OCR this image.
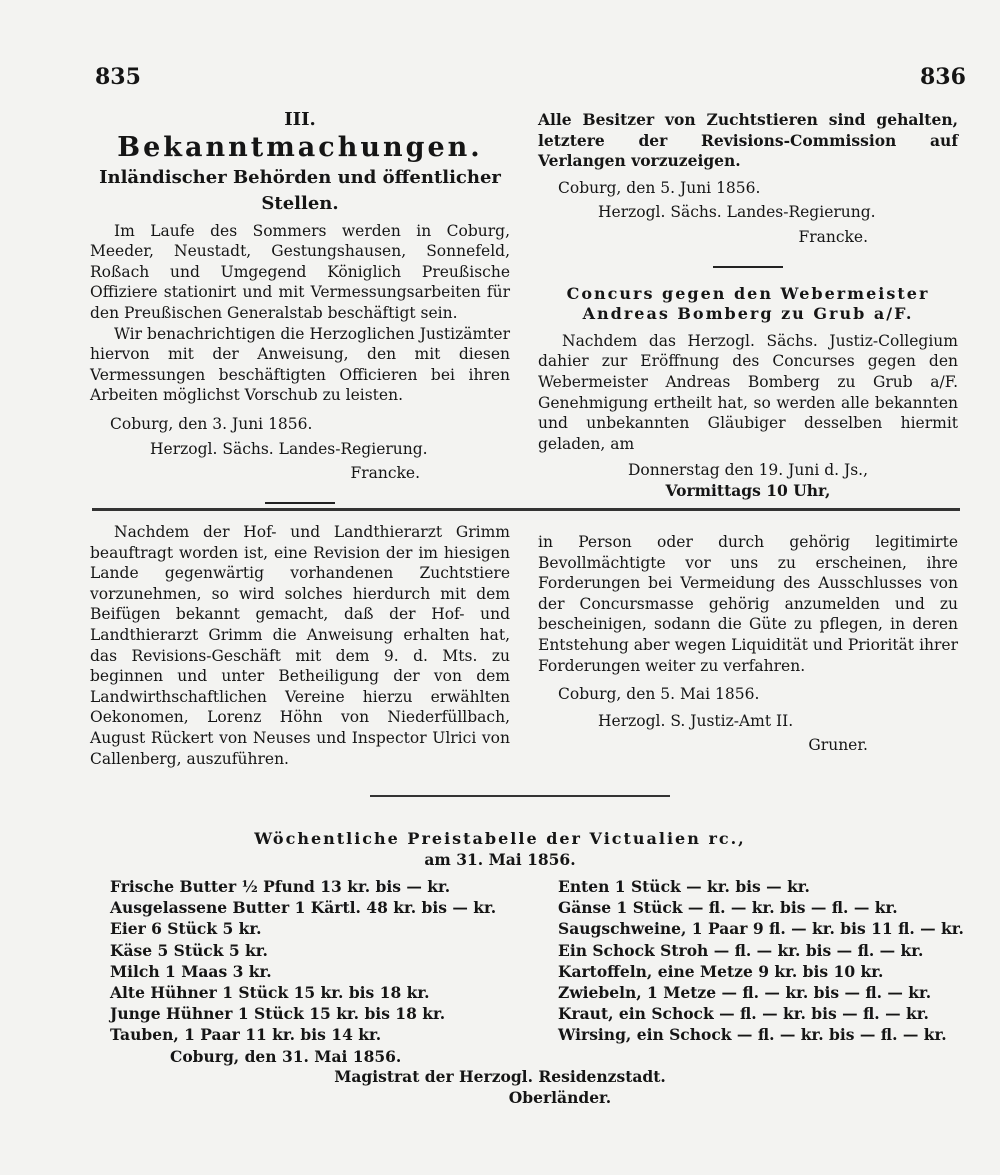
835	836

III.

Bekanntmachungen.

Inländischer Behörden und öffentlicher Stellen.

Im Laufe des Sommers werden in Coburg, Meeder, Neustadt, Gestungshausen, Sonnefeld, Roßach und Umgegend Königlich Preußische Offiziere stationirt und mit Vermessungsarbeiten für den Preußischen Generalstab beschäftigt sein.

Wir benachrichtigen die Herzoglichen Justizämter hiervon mit der Anweisung, den mit diesen Vermessungen beschäftigten Officieren bei ihren Arbeiten möglichst Vorschub zu leisten.

Coburg, den 3. Juni 1856.

Herzogl. Sächs. Landes-Regierung.

Francke.

Alle Besitzer von Zuchtstieren sind gehalten, letztere der Revisions-Commission auf Verlangen vorzuzeigen.

Coburg, den 5. Juni 1856.

Herzogl. Sächs. Landes-Regierung.

Francke.

Concurs gegen den Webermeister Andreas Bomberg zu Grub a/F.

Nachdem das Herzogl. Sächs. Justiz-Collegium dahier zur Eröffnung des Concurses gegen den Webermeister Andreas Bomberg zu Grub a/F. Genehmigung ertheilt hat, so werden alle bekannten und unbekannten Gläubiger desselben hiermit geladen, am

Donnerstag den 19. Juni d. Js.,

Vormittags 10 Uhr,

Nachdem der Hof- und Landthierarzt Grimm beauftragt worden ist, eine Revision der im hiesigen Lande gegenwärtig vorhandenen Zuchtstiere vorzunehmen, so wird solches hierdurch mit dem Beifügen bekannt gemacht, daß der Hof- und Landthierarzt Grimm die Anweisung erhalten hat, das Revisions-Geschäft mit dem 9. d. Mts. zu beginnen und unter Betheiligung der von dem Landwirthschaftlichen Vereine hierzu erwählten Oekonomen, Lorenz Höhn von Niederfüllbach, August Rückert von Neuses und Inspector Ulrici von Callenberg, auszuführen.

in Person oder durch gehörig legitimirte Bevollmächtigte vor uns zu erscheinen, ihre Forderungen bei Vermeidung des Ausschlusses von der Concursmasse gehörig anzumelden und zu bescheinigen, sodann die Güte zu pflegen, in deren Entstehung aber wegen Liquidität und Priorität ihrer Forderungen weiter zu verfahren.

Coburg, den 5. Mai 1856.

Herzogl. S. Justiz-Amt II.

Gruner.

Wöchentliche Preistabelle der Victualien rc.,
am 31. Mai 1856.
Frische Butter ½ Pfund 13 kr. bis — kr.
Ausgelassene Butter 1 Kärtl. 48 kr. bis — kr.
Eier 6 Stück 5 kr.
Käse 5 Stück 5 kr.
Milch 1 Maas 3 kr.
Alte Hühner 1 Stück 15 kr. bis 18 kr.
Junge Hühner 1 Stück 15 kr. bis 18 kr.
Tauben, 1 Paar 11 kr. bis 14 kr.
Enten 1 Stück — kr. bis — kr.
Gänse 1 Stück — fl. — kr. bis — fl. — kr.
Saugschweine, 1 Paar 9 fl. — kr. bis 11 fl. — kr.
Ein Schock Stroh — fl. — kr. bis — fl. — kr.
Kartoffeln, eine Metze 9 kr. bis 10 kr.
Zwiebeln, 1 Metze — fl. — kr. bis — fl. — kr.
Kraut, ein Schock — fl. — kr. bis — fl. — kr.
Wirsing, ein Schock — fl. — kr. bis — fl. — kr.
Coburg, den 31. Mai 1856.
Magistrat der Herzogl. Residenzstadt.
Oberländer.
